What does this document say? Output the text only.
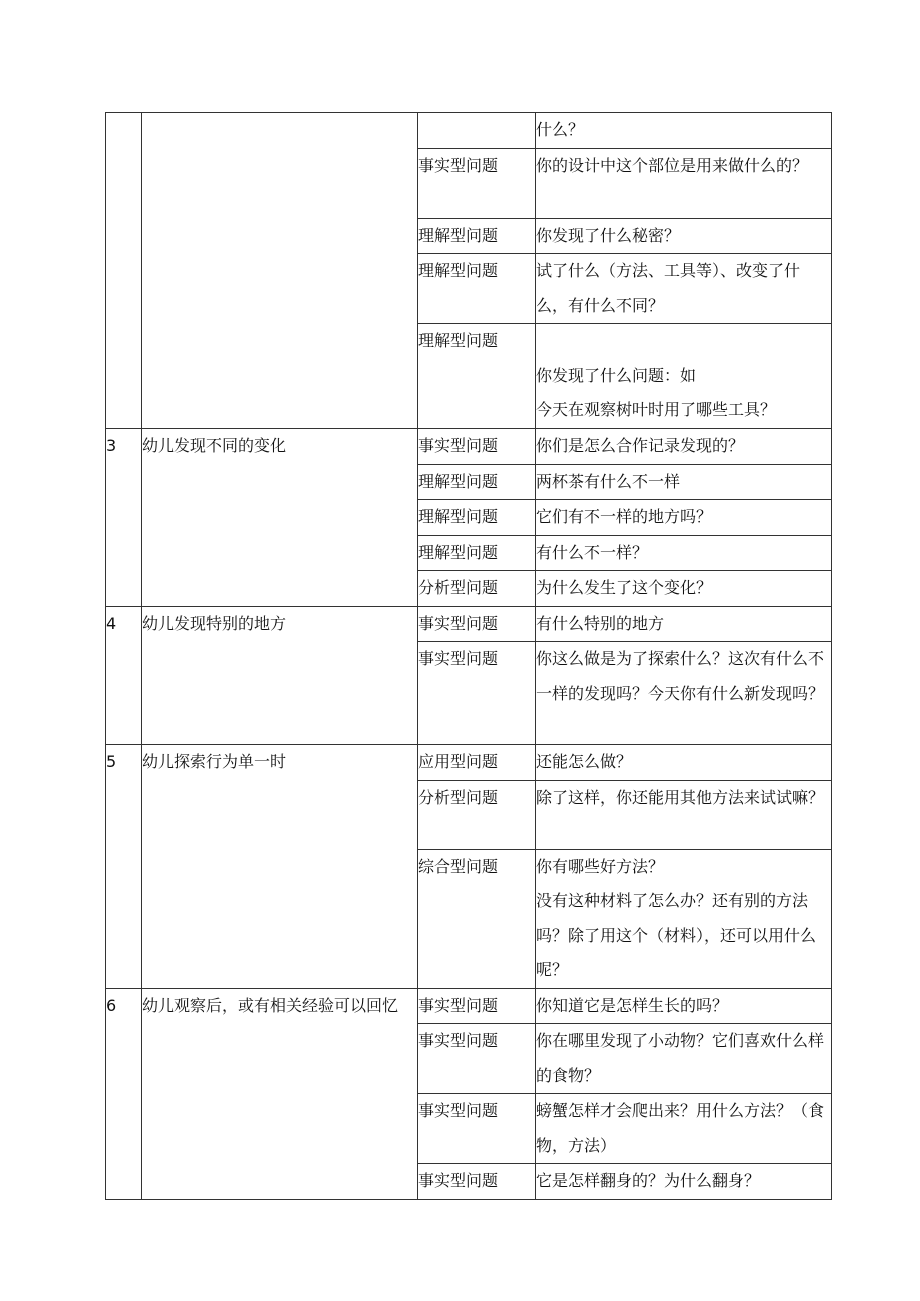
			什么？

		事实型问题	你的设计中这个部位是用来做什么的？

		理解型问题	你发现了什么秘密？

		理解型问题	试了什么（方法、工具等）、改变了什么，有什么不同？

		理解型问题	
你发现了什么问题：如
今天在观察树叶时用了哪些工具？

3	幼儿发现不同的变化	事实型问题	你们是怎么合作记录发现的？

		理解型问题	两杯茶有什么不一样

		理解型问题	它们有不一样的地方吗？

		理解型问题	有什么不一样？

		分析型问题	为什么发生了这个变化？

4	幼儿发现特别的地方	事实型问题	有什么特别的地方

		事实型问题	你这么做是为了探索什么？这次有什么不一样的发现吗？今天你有什么新发现吗？

5	幼儿探索行为单一时	应用型问题	还能怎么做？

		分析型问题	除了这样，你还能用其他方法来试试嘛？

		综合型问题	你有哪些好方法？
没有这种材料了怎么办？还有别的方法吗？除了用这个（材料），还可以用什么呢？

6	幼儿观察后，或有相关经验可以回忆	事实型问题	你知道它是怎样生长的吗？

		事实型问题	你在哪里发现了小动物？它们喜欢什么样的食物？

		事实型问题	螃蟹怎样才会爬出来？用什么方法？（食物，方法）

		事实型问题	它是怎样翻身的？为什么翻身？
